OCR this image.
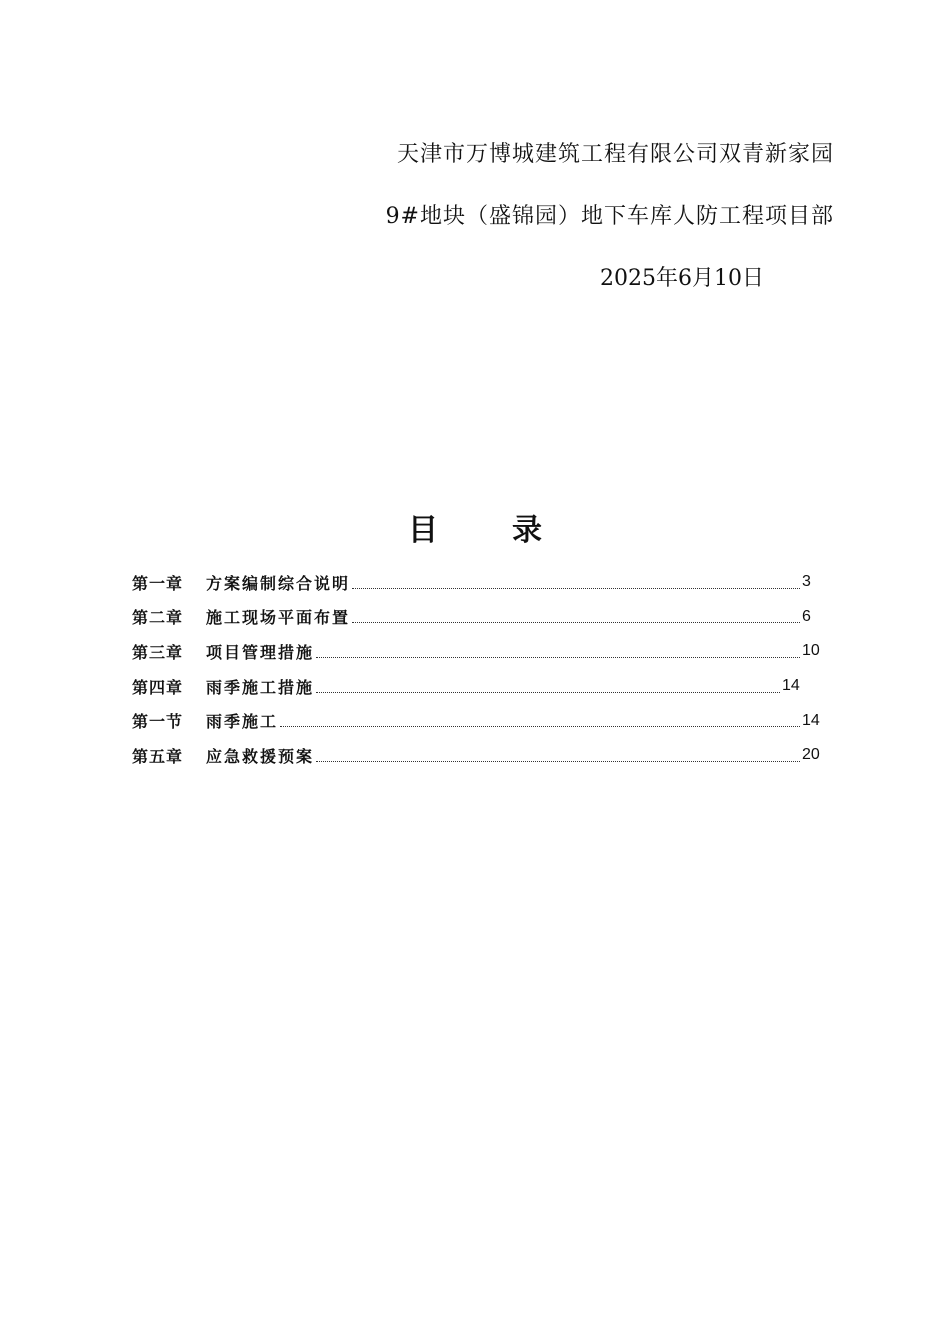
天津市万博城建筑工程有限公司双青新家园
9#地块（盛锦园）地下车库人防工程项目部
2025年6月10日
目 录
第一章	方案编制综合说明	3
第二章	施工现场平面布置	6
第三章	项目管理措施	10
第四章	雨季施工措施	14
第一节	雨季施工	14
第五章	应急救援预案	20
